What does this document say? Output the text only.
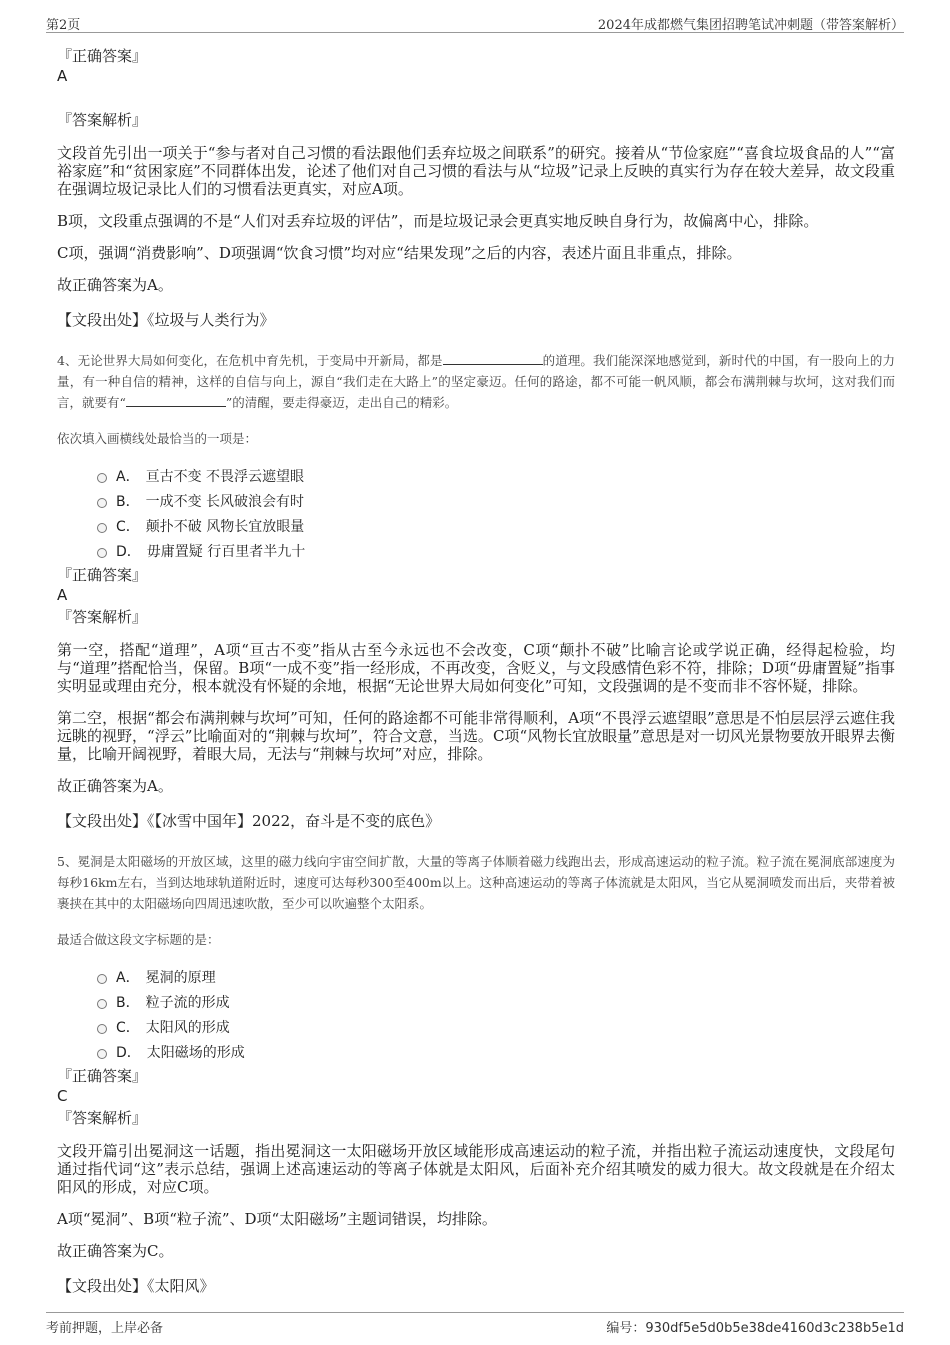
第2页	2024年成都燃气集团招聘笔试冲刺题（带答案解析）

『正确答案』

A

『答案解析』

文段首先引出一项关于“参与者对自己习惯的看法跟他们丢弃垃圾之间联系”的研究。接着从“节俭家庭”“喜食垃圾食品的人”“富裕家庭”和“贫困家庭”不同群体出发，论述了他们对自己习惯的看法与从“垃圾”记录上反映的真实行为存在较大差异，故文段重在强调垃圾记录比人们的习惯看法更真实，对应A项。

B项，文段重点强调的不是“人们对丢弃垃圾的评估”，而是垃圾记录会更真实地反映自身行为，故偏离中心，排除。

C项，强调“消费影响”、D项强调“饮食习惯”均对应“结果发现”之后的内容，表述片面且非重点，排除。

故正确答案为A。

【文段出处】《垃圾与人类行为》

4、无论世界大局如何变化，在危机中育先机，于变局中开新局，都是	的道理。我们能深深地感觉到，新时代的中国，有一股向上的力量，有一种自信的精神，这样的自信与向上，源自“我们走在大路上”的坚定豪迈。任何的路途，都不可能一帆风顺，都会布满荆棘与坎坷，这对我们而言，就要有“	”的清醒，要走得豪迈，走出自己的精彩。

依次填入画横线处最恰当的一项是：

A． 亘古不变 不畏浮云遮望眼
B． 一成不变 长风破浪会有时
C． 颠扑不破 风物长宜放眼量
D． 毋庸置疑 行百里者半九十

『正确答案』

A

『答案解析』

第一空，搭配“道理”，A项“亘古不变”指从古至今永远也不会改变，C项“颠扑不破”比喻言论或学说正确，经得起检验，均与“道理”搭配恰当，保留。B项“一成不变”指一经形成，不再改变，含贬义，与文段感情色彩不符，排除；D项“毋庸置疑”指事实明显或理由充分，根本就没有怀疑的余地，根据“无论世界大局如何变化”可知，文段强调的是不变而非不容怀疑，排除。

第二空，根据“都会布满荆棘与坎坷”可知，任何的路途都不可能非常得顺利，A项“不畏浮云遮望眼”意思是不怕层层浮云遮住我远眺的视野，“浮云”比喻面对的“荆棘与坎坷”，符合文意，当选。C项“风物长宜放眼量”意思是对一切风光景物要放开眼界去衡量，比喻开阔视野，着眼大局，无法与“荆棘与坎坷”对应，排除。

故正确答案为A。

【文段出处】《【冰雪中国年】2022，奋斗是不变的底色》

5、冕洞是太阳磁场的开放区域，这里的磁力线向宇宙空间扩散，大量的等离子体顺着磁力线跑出去，形成高速运动的粒子流。粒子流在冕洞底部速度为每秒16km左右，当到达地球轨道附近时，速度可达每秒300至400m以上。这种高速运动的等离子体流就是太阳风，当它从冕洞喷发而出后，夹带着被裹挟在其中的太阳磁场向四周迅速吹散，至少可以吹遍整个太阳系。

最适合做这段文字标题的是：

A． 冕洞的原理
B． 粒子流的形成
C． 太阳风的形成
D． 太阳磁场的形成

『正确答案』

C

『答案解析』

文段开篇引出冕洞这一话题，指出冕洞这一太阳磁场开放区域能形成高速运动的粒子流，并指出粒子流运动速度快，文段尾句通过指代词“这”表示总结，强调上述高速运动的等离子体就是太阳风，后面补充介绍其喷发的威力很大。故文段就是在介绍太阳风的形成，对应C项。

A项“冕洞”、B项“粒子流”、D项“太阳磁场”主题词错误，均排除。

故正确答案为C。

【文段出处】《太阳风》

考前押题，上岸必备	编号：930df5e5d0b5e38de4160d3c238b5e1d
